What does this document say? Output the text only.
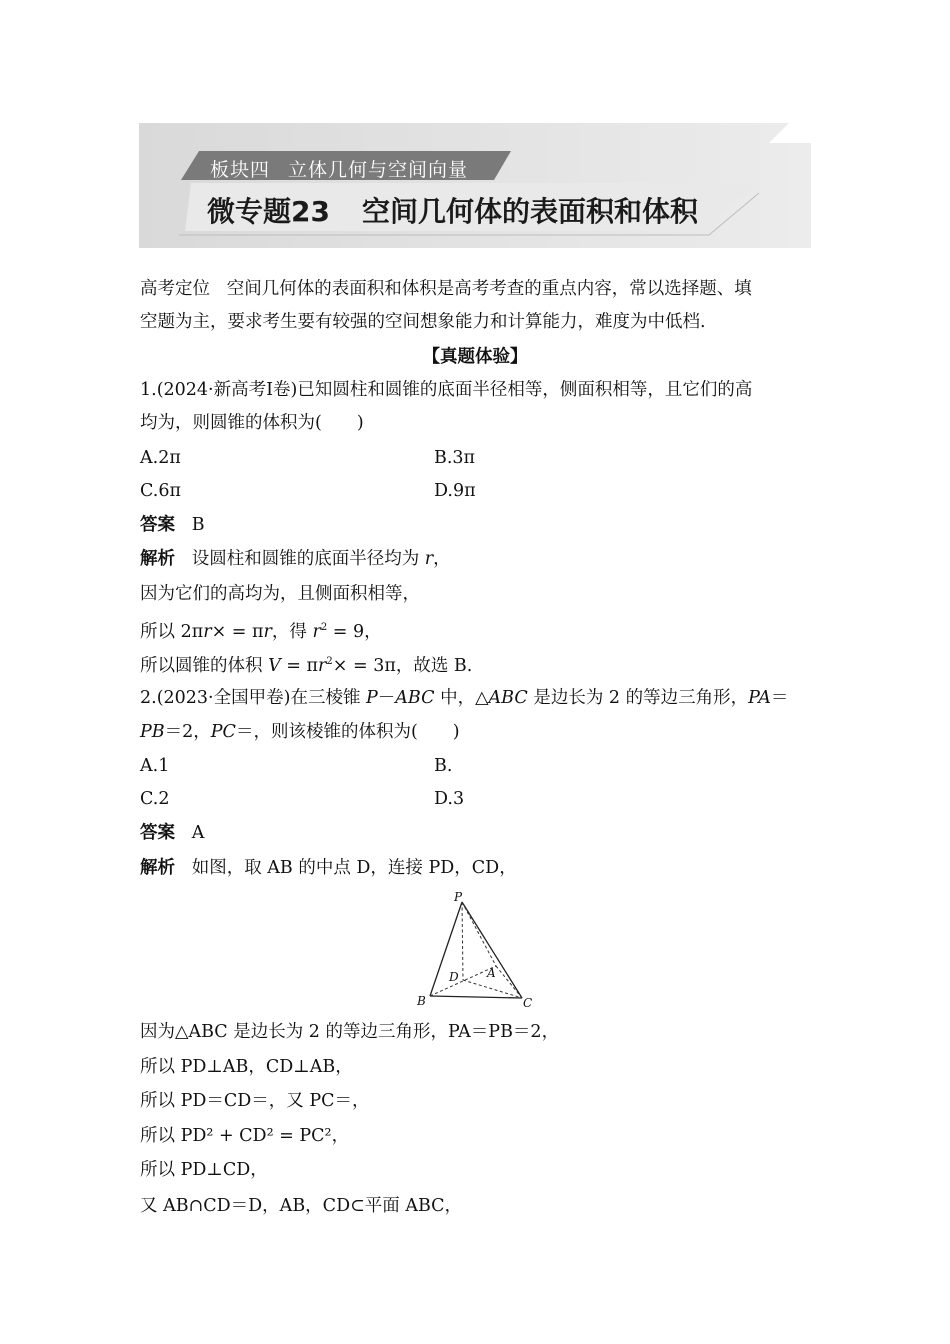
板块四 立体几何与空间向量
微专题23 空间几何体的表面积和体积
高考定位 空间几何体的表面积和体积是高考考查的重点内容，常以选择题、填
空题为主，要求考生要有较强的空间想象能力和计算能力，难度为中低档.
【真题体验】
1.(2024·新高考Ⅰ卷)已知圆柱和圆锥的底面半径相等，侧面积相等，且它们的高
均为，则圆锥的体积为(　　)
A.2π	B.3π
C.6π	D.9π
答案 B
解析 设圆柱和圆锥的底面半径均为 r，
因为它们的高均为，且侧面积相等，
所以 2πr× = πr，得 $r^2 = 9$，
所以圆锥的体积 $V = \pi r^2\times = 3\pi$，故选 B.
2.(2023·全国甲卷)在三棱锥 P－ABC 中，△ABC 是边长为 2 的等边三角形，PA＝
PB＝2，PC＝，则该棱锥的体积为(　　)
A.1	B.
C.2	D.3
答案 A
解析 如图，取 AB 的中点 D，连接 PD，CD，
P
D A
B	C
因为△ABC 是边长为 2 的等边三角形，PA＝PB＝2，
所以 PD⊥AB，CD⊥AB，
所以 PD＝CD＝，又 PC＝，
所以 PD² + CD² = PC²，
所以 PD⊥CD，
又 AB∩CD＝D，AB，CD⊂平面 ABC，
